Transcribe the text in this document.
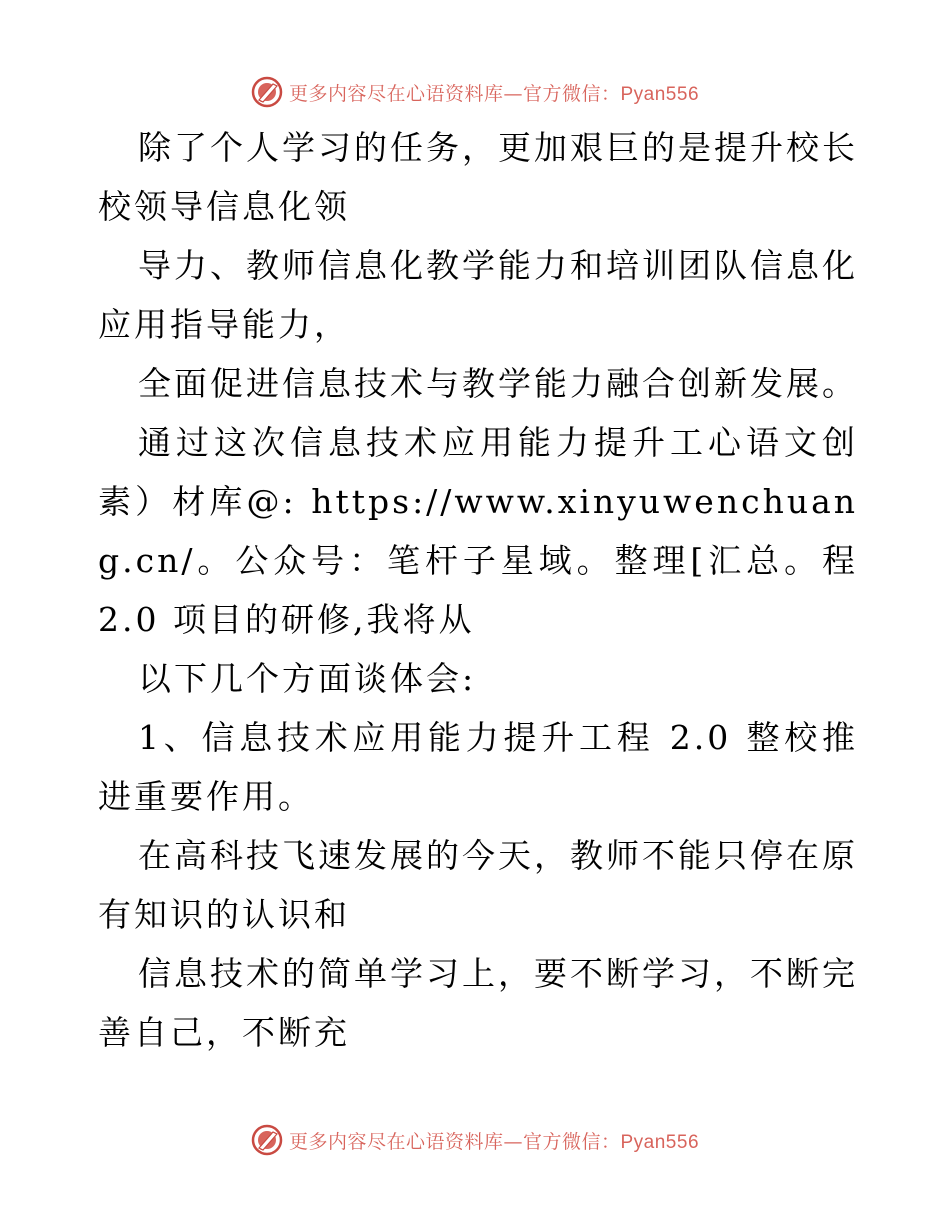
更多内容尽在心语资料库—官方微信：Pyan556

除了个人学习的任务，更加艰巨的是提升校长校领导信息化领

导力、教师信息化教学能力和培训团队信息化应用指导能力，

全面促进信息技术与教学能力融合创新发展。

通过这次信息技术应用能力提升工心语文创素）材库@: https://www.xinyuwenchuang.cn/。公众号：笔杆子星域。整理[汇总。程 2.0 项目的研修,我将从

以下几个方面谈体会:

1、信息技术应用能力提升工程 2.0 整校推进重要作用。

在高科技飞速发展的今天，教师不能只停在原有知识的认识和

信息技术的简单学习上，要不断学习，不断完善自己，不断充

更多内容尽在心语资料库—官方微信：Pyan556
